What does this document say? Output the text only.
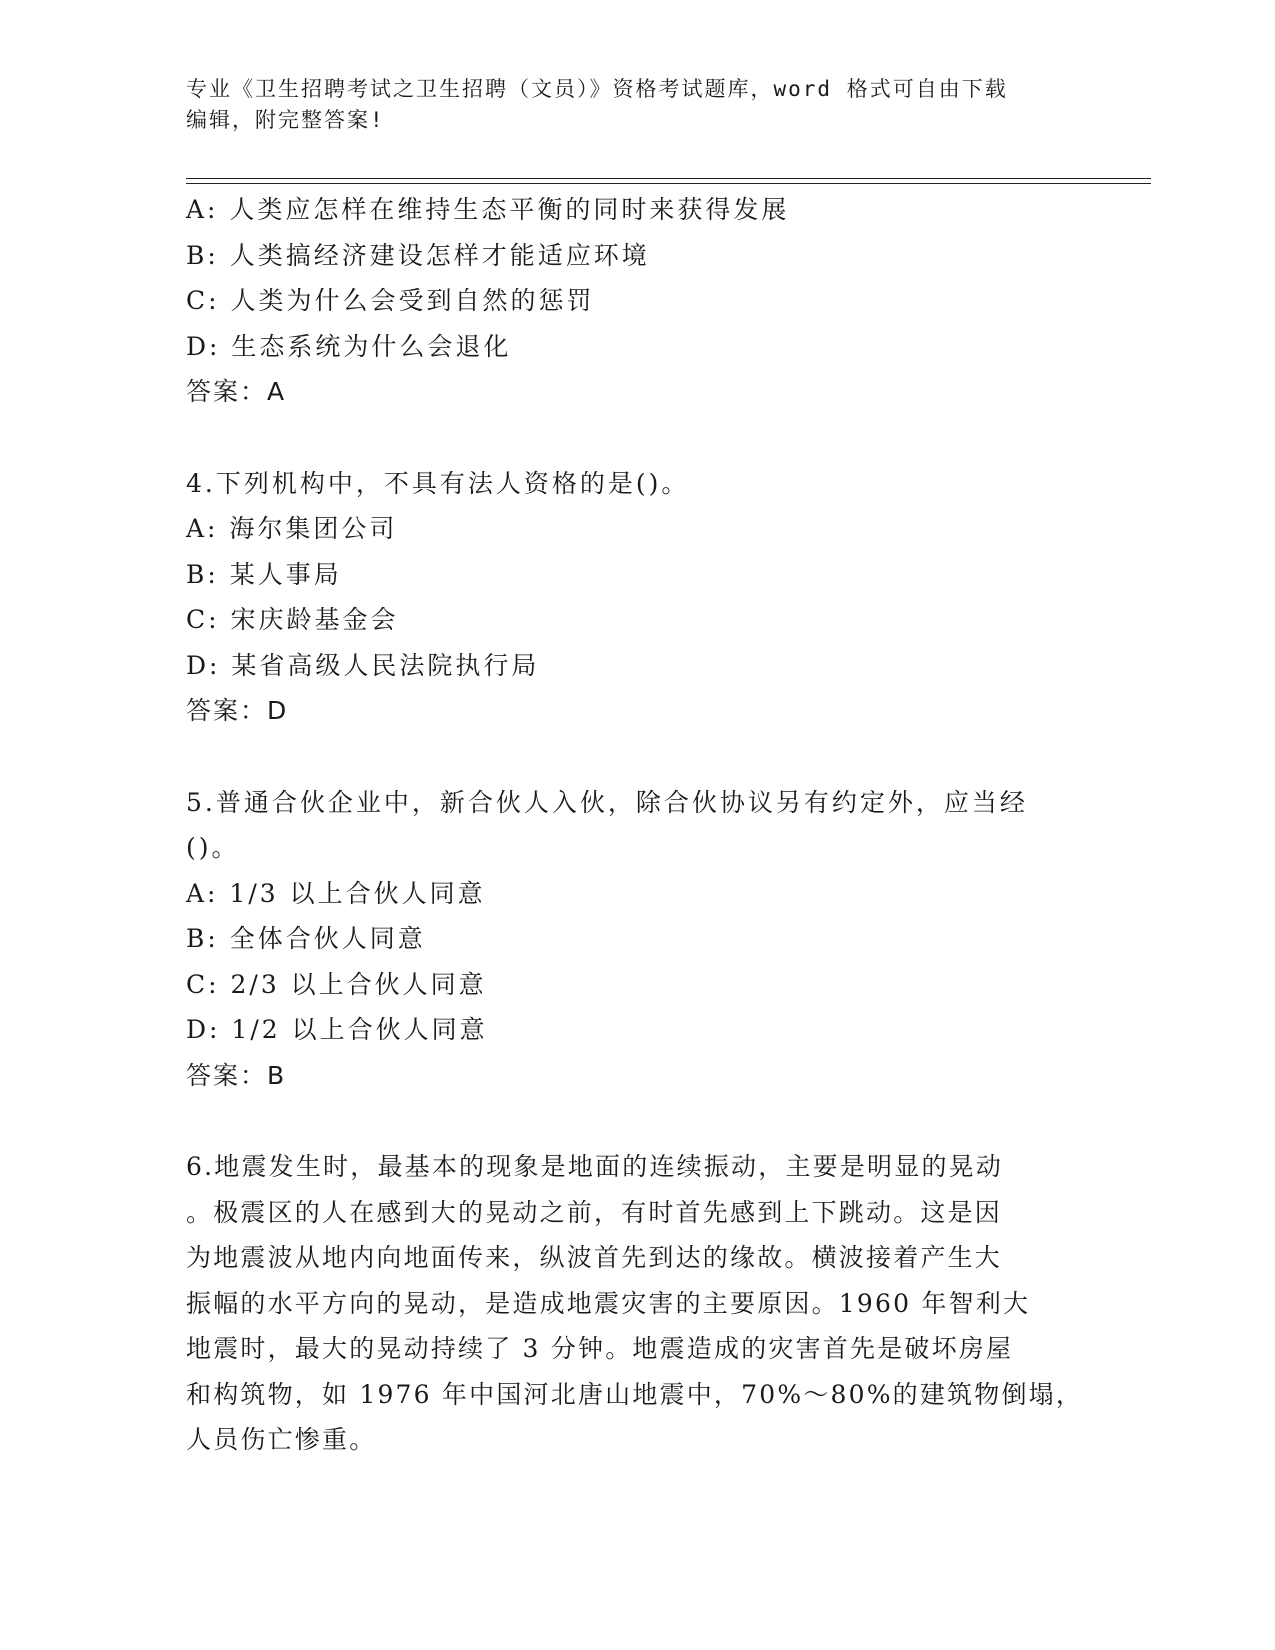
专业《卫生招聘考试之卫生招聘（文员）》资格考试题库，word 格式可自由下载
编辑，附完整答案!
A: 人类应怎样在维持生态平衡的同时来获得发展
B: 人类搞经济建设怎样才能适应环境
C: 人类为什么会受到自然的惩罚
D: 生态系统为什么会退化
答案：A
4.下列机构中，不具有法人资格的是()。
A: 海尔集团公司
B: 某人事局
C: 宋庆龄基金会
D: 某省高级人民法院执行局
答案：D
5.普通合伙企业中，新合伙人入伙，除合伙协议另有约定外，应当经
()。
A: 1/3 以上合伙人同意
B: 全体合伙人同意
C: 2/3 以上合伙人同意
D: 1/2 以上合伙人同意
答案：B
6.地震发生时，最基本的现象是地面的连续振动，主要是明显的晃动
。极震区的人在感到大的晃动之前，有时首先感到上下跳动。这是因
为地震波从地内向地面传来，纵波首先到达的缘故。横波接着产生大
振幅的水平方向的晃动，是造成地震灾害的主要原因。1960 年智利大
地震时，最大的晃动持续了 3 分钟。地震造成的灾害首先是破坏房屋
和构筑物，如 1976 年中国河北唐山地震中，70%～80%的建筑物倒塌，
人员伤亡惨重。
